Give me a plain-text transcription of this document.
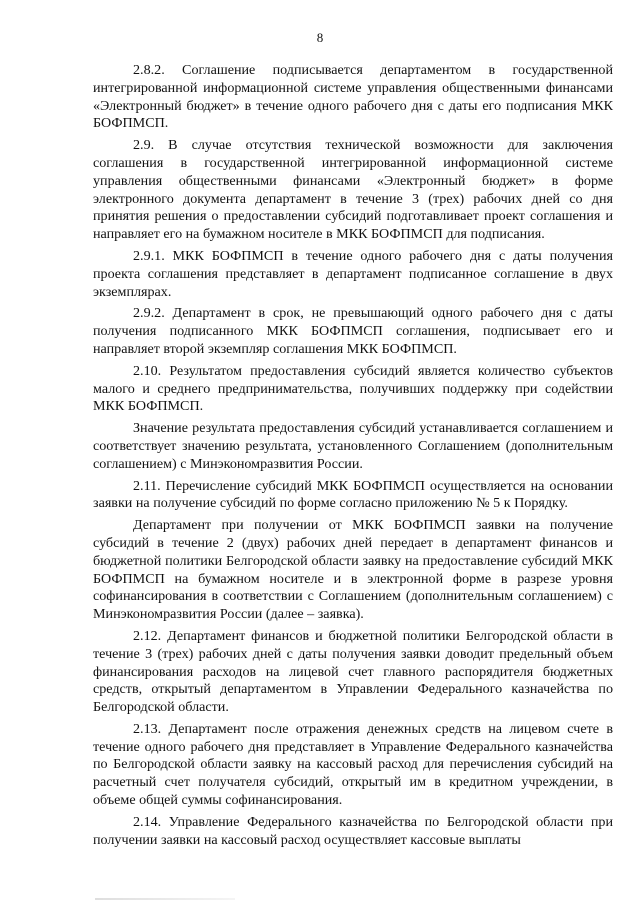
8

2.8.2. Соглашение подписывается департаментом в государственной интегрированной информационной системе управления общественными финансами «Электронный бюджет» в течение одного рабочего дня с даты его подписания МКК БОФПМСП.

2.9. В случае отсутствия технической возможности для заключения соглашения в государственной интегрированной информационной системе управления общественными финансами «Электронный бюджет» в форме электронного документа департамент в течение 3 (трех) рабочих дней со дня принятия решения о предоставлении субсидий подготавливает проект соглашения и направляет его на бумажном носителе в МКК БОФПМСП для подписания.

2.9.1. МКК БОФПМСП в течение одного рабочего дня с даты получения проекта соглашения представляет в департамент подписанное соглашение в двух экземплярах.

2.9.2. Департамент в срок, не превышающий одного рабочего дня с даты получения подписанного МКК БОФПМСП соглашения, подписывает его и направляет второй экземпляр соглашения МКК БОФПМСП.

2.10. Результатом предоставления субсидий является количество субъектов малого и среднего предпринимательства, получивших поддержку при содействии МКК БОФПМСП.

Значение результата предоставления субсидий устанавливается соглашением и соответствует значению результата, установленного Соглашением (дополнительным соглашением) с Минэкономразвития России.

2.11. Перечисление субсидий МКК БОФПМСП осуществляется на основании заявки на получение субсидий по форме согласно приложению № 5 к Порядку.

Департамент при получении от МКК БОФПМСП заявки на получение субсидий в течение 2 (двух) рабочих дней передает в департамент финансов и бюджетной политики Белгородской области заявку на предоставление субсидий МКК БОФПМСП на бумажном носителе и в электронной форме в разрезе уровня софинансирования в соответствии с Соглашением (дополнительным соглашением) с Минэкономразвития России (далее – заявка).

2.12. Департамент финансов и бюджетной политики Белгородской области в течение 3 (трех) рабочих дней с даты получения заявки доводит предельный объем финансирования расходов на лицевой счет главного распорядителя бюджетных средств, открытый департаментом в Управлении Федерального казначейства по Белгородской области.

2.13. Департамент после отражения денежных средств на лицевом счете в течение одного рабочего дня представляет в Управление Федерального казначейства по Белгородской области заявку на кассовый расход для перечисления субсидий на расчетный счет получателя субсидий, открытый им в кредитном учреждении, в объеме общей суммы софинансирования.

2.14. Управление Федерального казначейства по Белгородской области при получении заявки на кассовый расход осуществляет кассовые выплаты
